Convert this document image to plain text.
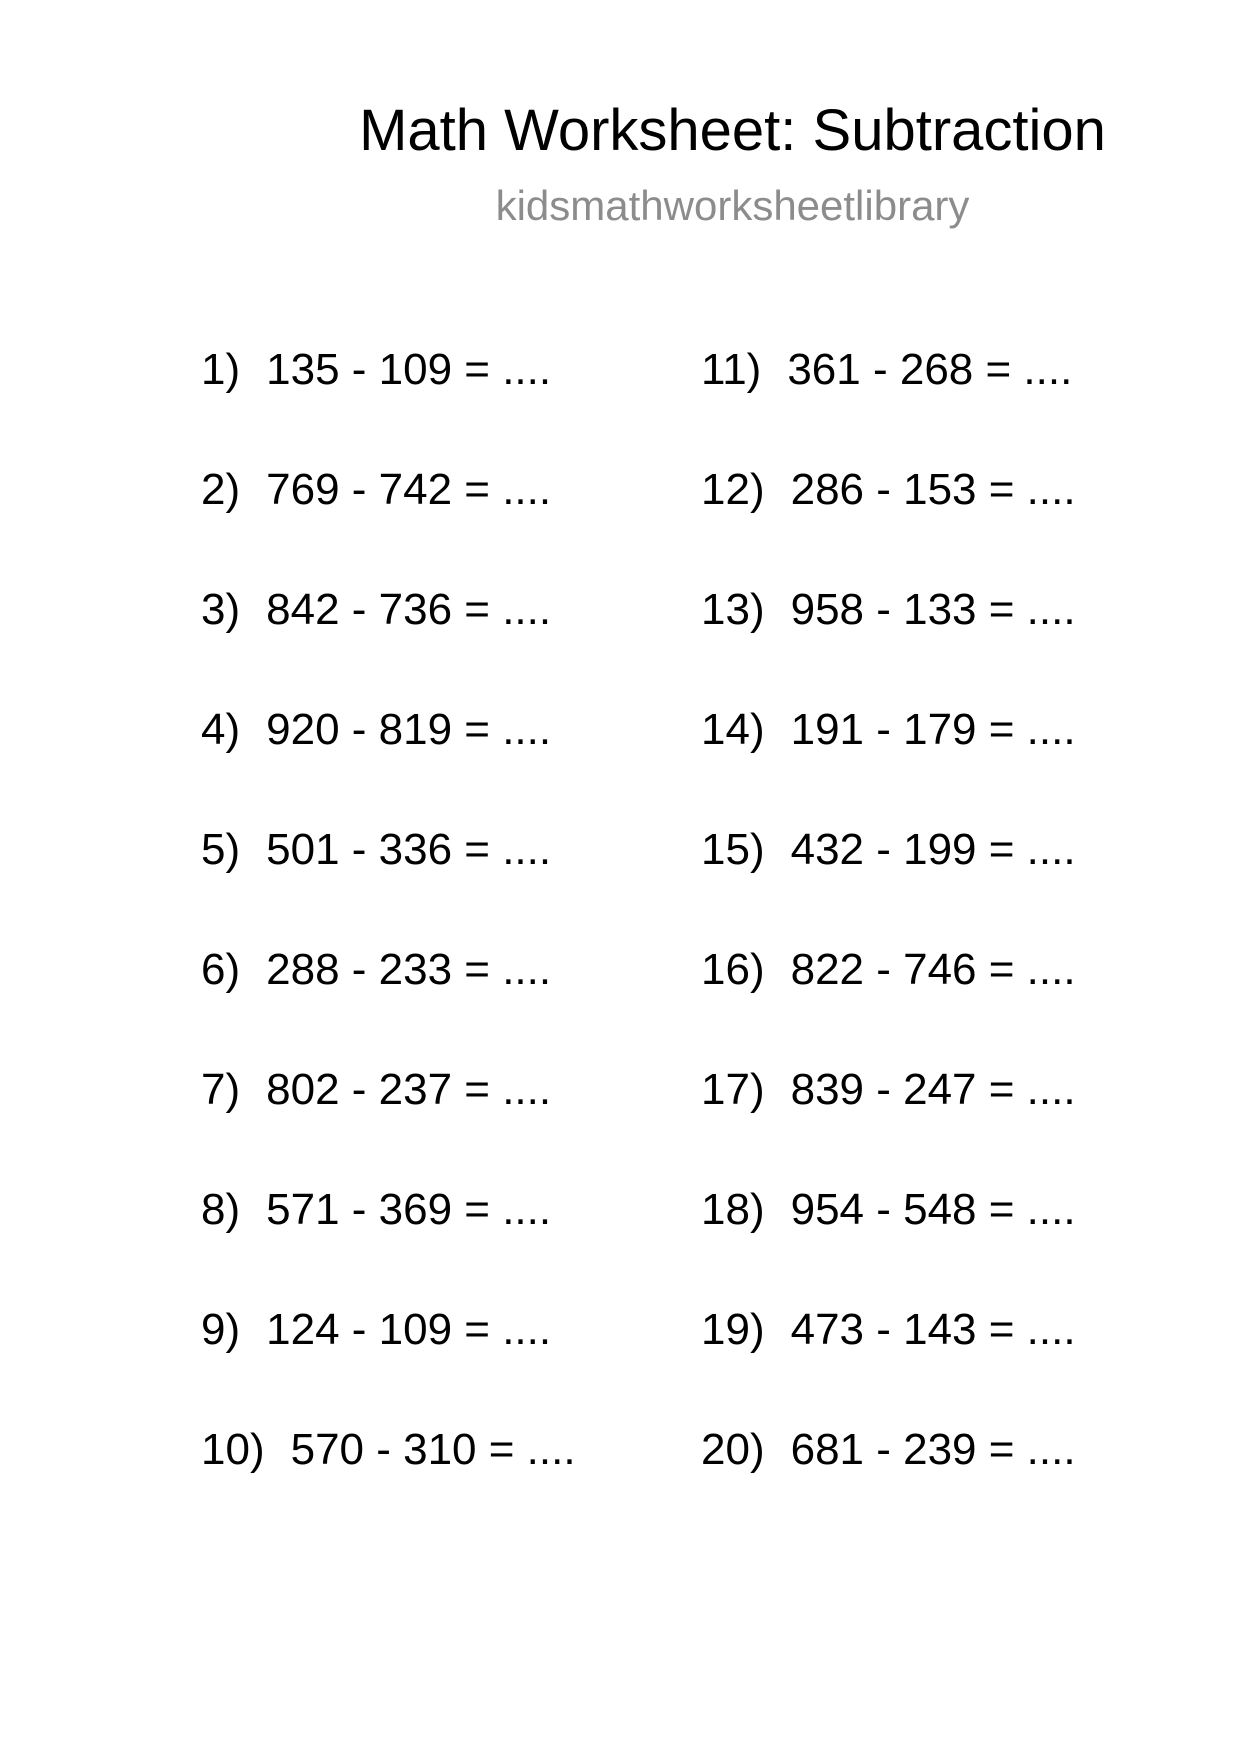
Math Worksheet: Subtraction
kidsmathworksheetlibrary
1) 135 - 109 = ....
2) 769 - 742 = ....
3) 842 - 736 = ....
4) 920 - 819 = ....
5) 501 - 336 = ....
6) 288 - 233 = ....
7) 802 - 237 = ....
8) 571 - 369 = ....
9) 124 - 109 = ....
10) 570 - 310 = ....
11) 361 - 268 = ....
12) 286 - 153 = ....
13) 958 - 133 = ....
14) 191 - 179 = ....
15) 432 - 199 = ....
16) 822 - 746 = ....
17) 839 - 247 = ....
18) 954 - 548 = ....
19) 473 - 143 = ....
20) 681 - 239 = ....
